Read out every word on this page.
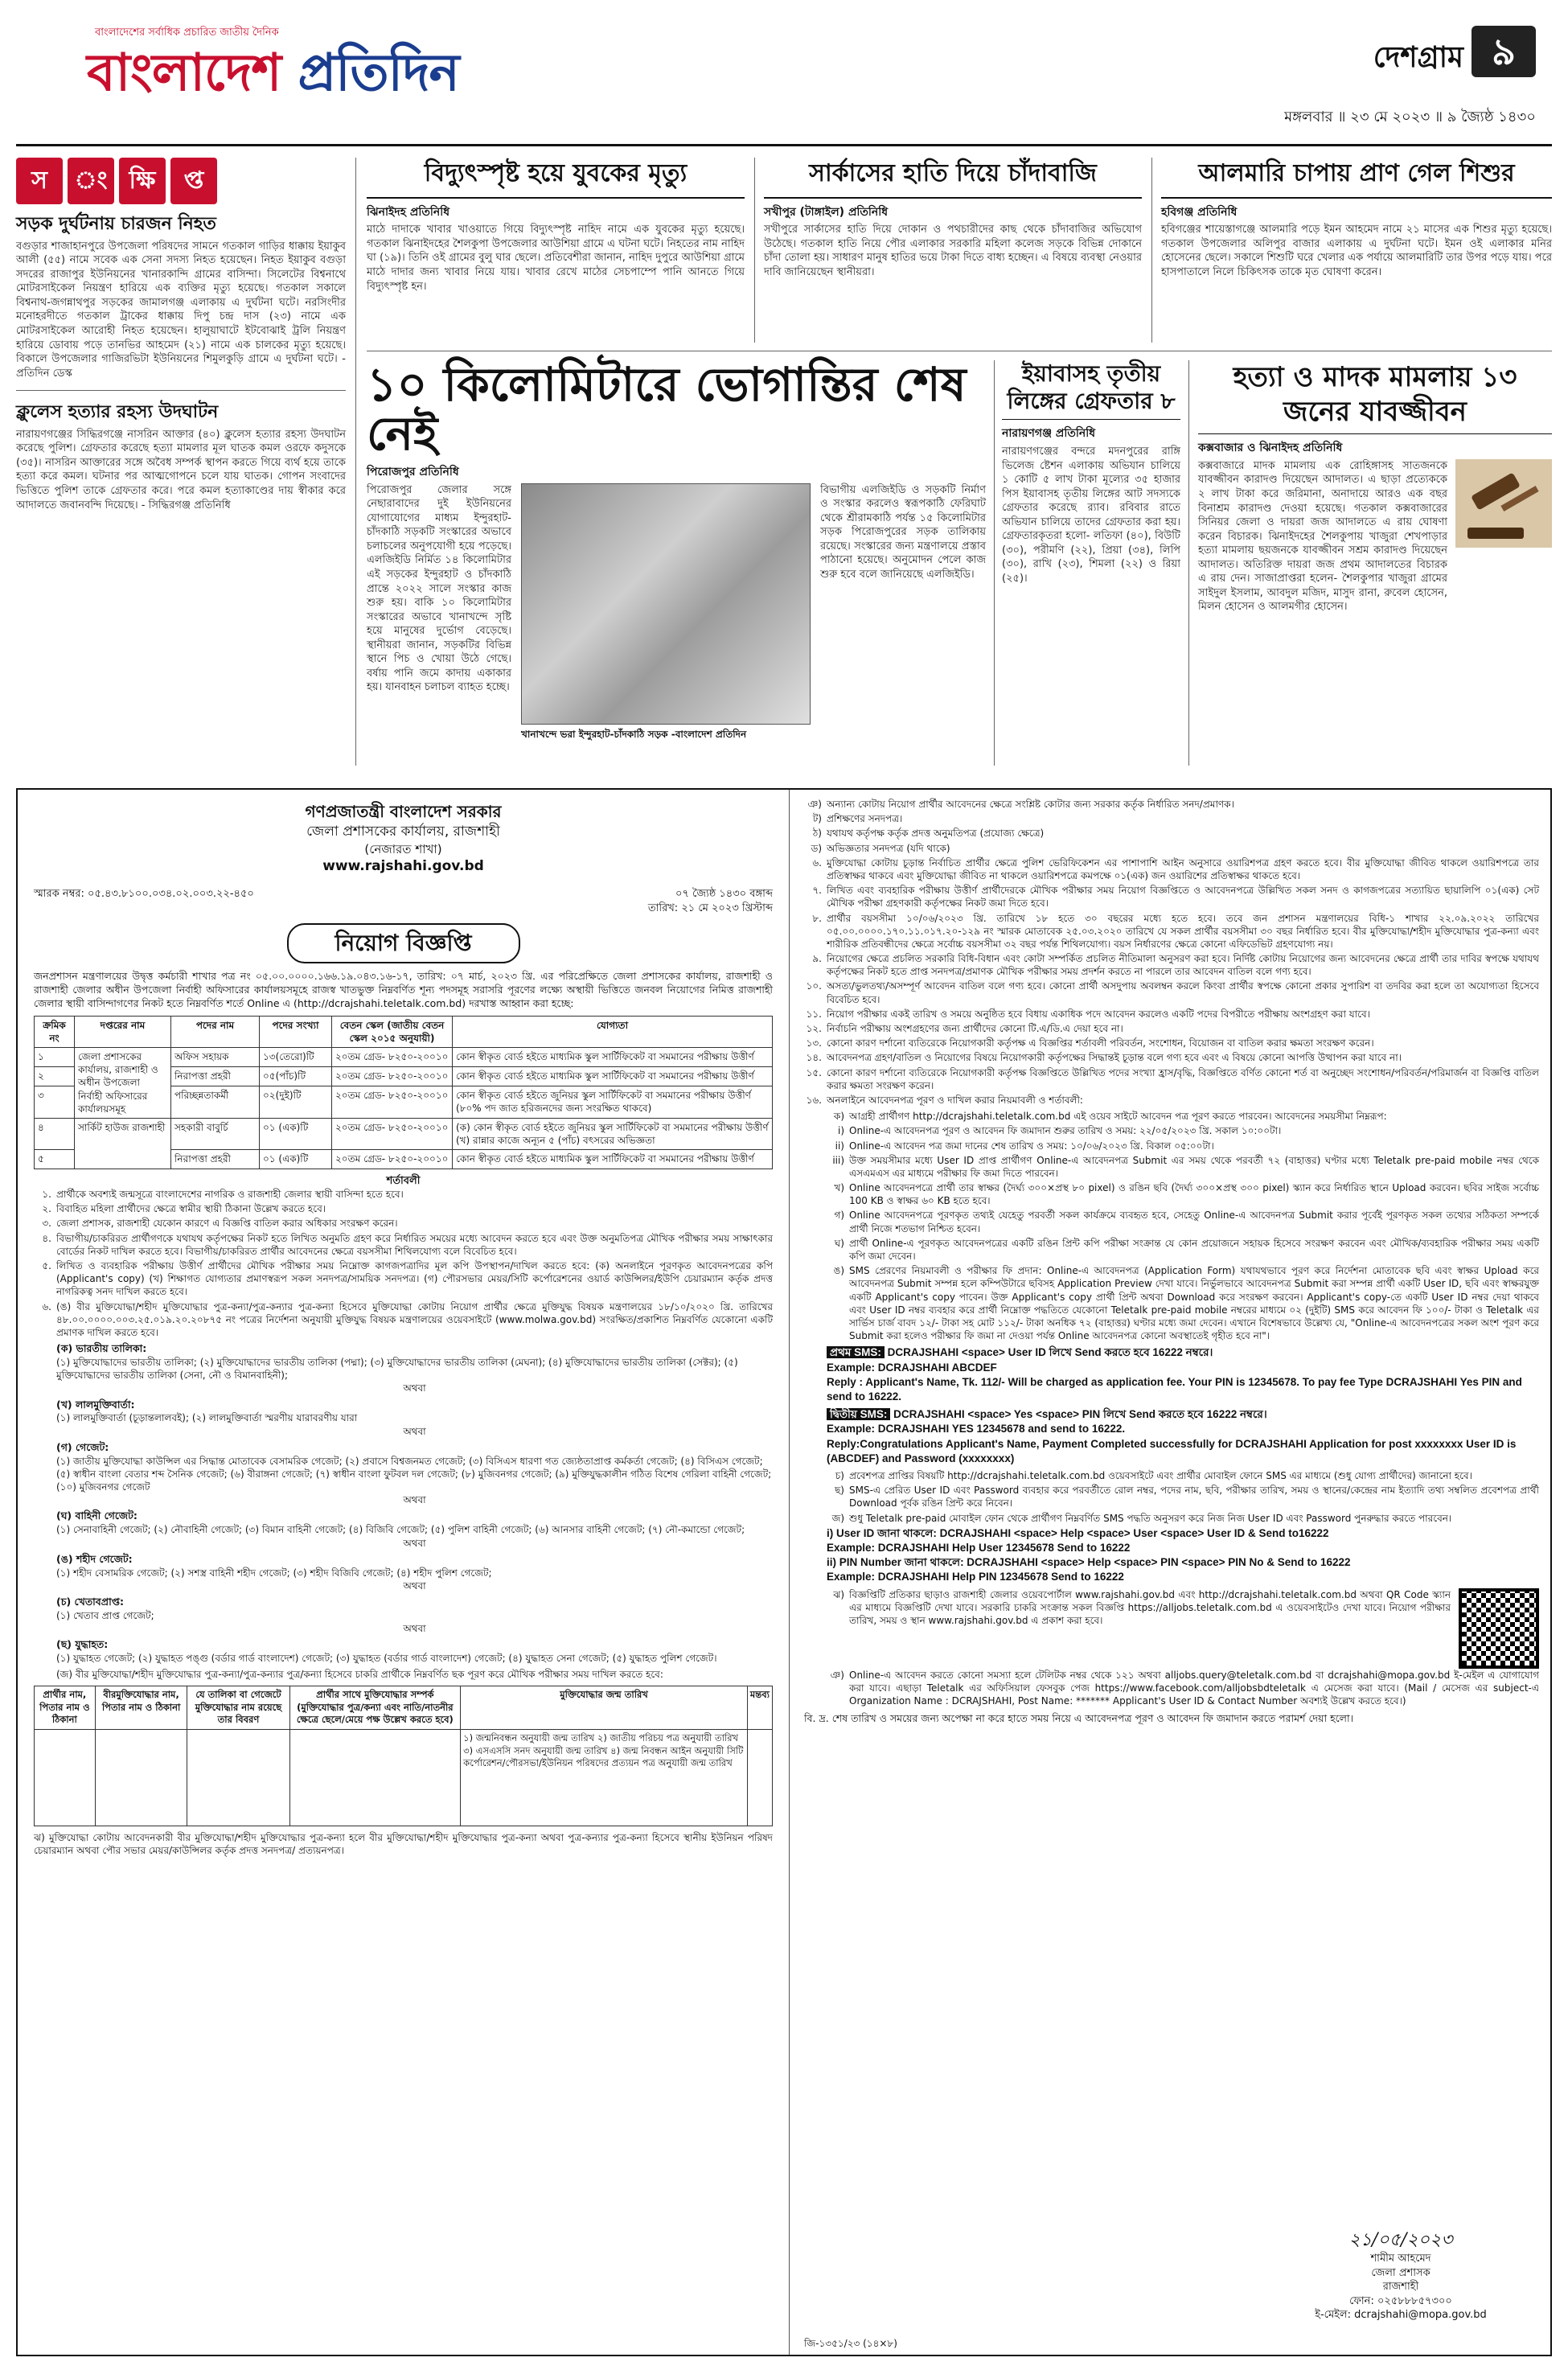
বাংলাদেশের সর্বাধিক প্রচারিত জাতীয় দৈনিক
বাংলাদেশ প্রতিদিন	দেশগ্রাম ৯
মঙ্গলবার ॥ ২৩ মে ২০২৩ ॥ ৯ জ্যৈষ্ঠ ১৪৩০
স	ং ক্ষি	প্ত
সড়ক দুর্ঘটনায় চারজন নিহত

বগুড়ার শাজাহানপুরে উপজেলা পরিষদের সামনে গতকাল গাড়ির ধাক্কায় ইয়াকুব আলী (৫৫) নামে সবেক এক সেনা সদস্য নিহত হয়েছেন। নিহত ইয়াকুব বগুড়া সদরের রাজাপুর ইউনিয়নের খানারকান্দি গ্রামের বাসিন্দা। সিলেটের বিশ্বনাথে মোটরসাইকেল নিয়ন্ত্রণ হারিয়ে এক ব্যক্তির মৃত্যু হয়েছে। গতকাল সকালে বিশ্বনাথ-জগন্নাথপুর সড়কের জামালগঞ্জ এলাকায় এ দুর্ঘটনা ঘটে। নরসিংদীর মনোহরদীতে গতকাল ট্রাকের ধাক্কায় দিপু চন্দ্র দাস (২৩) নামে এক মোটরসাইকেল আরোহী নিহত হয়েছেন। হালুয়াঘাটে ইটবোঝাই ট্রলি নিয়ন্ত্রণ হারিয়ে ডোবায় পড়ে তানভির আহমেদ (২১) নামে এক চালকের মৃত্যু হয়েছে। বিকালে উপজেলার গাজিরভিটা ইউনিয়নের শিমুলকুড়ি গ্রামে এ দুর্ঘটনা ঘটে। - প্রতিদিন ডেস্ক

ক্লুলেস হত্যার রহস্য উদঘাটন

নারায়ণগঞ্জের সিদ্ধিরগঞ্জে নাসরিন আক্তার (৪০) ক্লুলেস হত্যার রহস্য উদঘাটন করেছে পুলিশ। গ্রেফতার করেছে হত্যা মামলার মূল ঘাতক কমল ওরফে কদুসকে (৩৫)। নাসরিন আক্তারের সঙ্গে অবৈধ সম্পর্ক স্থাপন করতে গিয়ে ব্যর্থ হয়ে তাকে হত্যা করে কমল। ঘটনার পর আত্মগোপনে চলে যায় ঘাতক। গোপন সংবাদের ভিত্তিতে পুলিশ তাকে গ্রেফতার করে। পরে কমল হত্যাকাণ্ডের দায় স্বীকার করে আদালতে জবানবন্দি দিয়েছে। - সিদ্ধিরগঞ্জ প্রতিনিধি

বিদ্যুৎস্পৃষ্ট হয়ে যুবকের মৃত্যু
ঝিনাইদহ প্রতিনিধি

মাঠে দাদাকে খাবার খাওয়াতে গিয়ে বিদ্যুৎস্পৃষ্ট নাহিদ নামে এক যুবকের মৃত্যু হয়েছে। গতকাল ঝিনাইদহের শৈলকুপা উপজেলার আউশিয়া গ্রামে এ ঘটনা ঘটে। নিহতের নাম নাহিদ ঘা (১৯)। তিনি ওই গ্রামের বুলু ঘার ছেলে। প্রতিবেশীরা জানান, নাহিদ দুপুরে আউশিয়া গ্রামে মাঠে দাদার জন্য খাবার নিয়ে যায়। খাবার রেখে মাঠের সেচপাম্পে পানি আনতে গিয়ে বিদ্যুৎস্পৃষ্ট হন।

সার্কাসের হাতি দিয়ে চাঁদাবাজি
সখীপুর (টাঙ্গাইল) প্রতিনিধি

সখীপুরে সার্কাসের হাতি দিয়ে দোকান ও পথচারীদের কাছ থেকে চাঁদাবাজির অভিযোগ উঠেছে। গতকাল হাতি নিয়ে পৌর এলাকার সরকারি মহিলা কলেজ সড়কে বিভিন্ন দোকানে চাঁদা তোলা হয়। সাধারণ মানুষ হাতির ভয়ে টাকা দিতে বাধ্য হচ্ছেন। এ বিষয়ে ব্যবস্থা নেওয়ার দাবি জানিয়েছেন স্থানীয়রা।

আলমারি চাপায় প্রাণ গেল শিশুর
হবিগঞ্জ প্রতিনিধি

হবিগঞ্জের শায়েস্তাগঞ্জে আলমারি পড়ে ইমন আহমেদ নামে ২১ মাসের এক শিশুর মৃত্যু হয়েছে। গতকাল উপজেলার অলিপুর বাজার এলাকায় এ দুর্ঘটনা ঘটে। ইমন ওই এলাকার মনির হোসেনের ছেলে। সকালে শিশুটি ঘরে খেলার এক পর্যায়ে আলমারিটি তার উপর পড়ে যায়। পরে হাসপাতালে নিলে চিকিৎসক তাকে মৃত ঘোষণা করেন।

১০ কিলোমিটারে ভোগান্তির শেষ নেই
পিরোজপুর প্রতিনিধি

পিরোজপুর জেলার সঙ্গে নেছারাবাদের দুই ইউনিয়নের যোগাযোগের মাধ্যম ইন্দুরহাট-চাঁদকাঠি সড়কটি সংস্কারের অভাবে চলাচলের অনুপযোগী হয়ে পড়েছে। এলজিইডি নির্মিত ১৪ কিলোমিটার এই সড়কের ইন্দুরহাট ও চাঁদকাঠি প্রান্তে ২০২২ সালে সংস্কার কাজ শুরু হয়। বাকি ১০ কিলোমিটার সংস্কারের অভাবে খানাখন্দে সৃষ্টি হয়ে মানুষের দুর্ভোগ বেড়েছে। স্থানীয়রা জানান, সড়কটির বিভিন্ন স্থানে পিচ ও খোয়া উঠে গেছে। বর্ষায় পানি জমে কাদায় একাকার হয়। যানবাহন চলাচল ব্যাহত হচ্ছে।

খানাখন্দে ভরা ইন্দুরহাট-চাঁদকাঠি সড়ক -বাংলাদেশ প্রতিদিন

বিভাগীয় এলজিইডি ও সড়কটি নির্মাণ ও সংস্কার করলেও স্বরূপকাঠি ফেরিঘাট থেকে শ্রীরামকাঠি পর্যন্ত ১৫ কিলোমিটার সড়ক পিরোজপুরের সড়ক তালিকায় রয়েছে। সংস্কারের জন্য মন্ত্রণালয়ে প্রস্তাব পাঠানো হয়েছে। অনুমোদন পেলে কাজ শুরু হবে বলে জানিয়েছে এলজিইডি।

ইয়াবাসহ তৃতীয় লিঙ্গের গ্রেফতার ৮
নারায়ণগঞ্জ প্রতিনিধি

নারায়ণগঞ্জের বন্দরে মদনপুরের রাঙ্গি ভিলেজ ষ্টেশন এলাকায় অভিযান চালিয়ে ১ কোটি ৫ লাখ টাকা মূল্যের ৩৫ হাজার পিস ইয়াবাসহ তৃতীয় লিঙ্গের আট সদস্যকে গ্রেফতার করেছে র‍্যাব। রবিবার রাতে অভিযান চালিয়ে তাদের গ্রেফতার করা হয়। গ্রেফতারকৃতরা হলো- লতিফা (৪০), বিউটি (৩০), পরীমণি (২২), প্রিয়া (৩৪), লিপি (৩০), রাখি (২৩), শিমলা (২২) ও রিয়া (২৫)।

হত্যা ও মাদক মামলায় ১৩ জনের যাবজ্জীবন
কক্সবাজার ও ঝিনাইদহ প্রতিনিধি

কক্সবাজারে মাদক মামলায় এক রোহিঙ্গাসহ সাতজনকে যাবজ্জীবন কারাদণ্ড দিয়েছেন আদালত। এ ছাড়া প্রত্যেককে ২ লাখ টাকা করে জরিমানা, অনাদায়ে আরও এক বছর বিনাশ্রম কারাদণ্ড দেওয়া হয়েছে। গতকাল কক্সবাজারের সিনিয়র জেলা ও দায়রা জজ আদালতে এ রায় ঘোষণা করেন বিচারক। ঝিনাইদহের শৈলকুপায় খাজুরা শেখপাড়ার হত্যা মামলায় ছয়জনকে যাবজ্জীবন সশ্রম কারাদণ্ড দিয়েছেন আদালত। অতিরিক্ত দায়রা জজ প্রথম আদালতের বিচারক এ রায় দেন। সাজাপ্রাপ্তরা হলেন- শৈলকুপার খাজুরা গ্রামের সাইদুল ইসলাম, আবদুল মজিদ, মাসুদ রানা, রুবেল হোসেন, মিলন হোসেন ও আলমগীর হোসেন।

গণপ্রজাতন্ত্রী বাংলাদেশ সরকার
জেলা প্রশাসকের কার্যালয়, রাজশাহী
(নেজারত শাখা)
www.rajshahi.gov.bd
স্মারক নম্বর: ০৫.৪৩.৮১০০.০৩৪.০২.০০৩.২২-৪৫০	০৭ জ্যৈষ্ঠ ১৪৩০ বঙ্গাব্দ
তারিখ: ২১ মে ২০২৩ খ্রিস্টাব্দ
নিয়োগ বিজ্ঞপ্তি

জনপ্রশাসন মন্ত্রণালয়ের উদ্বৃত্ত কর্মচারী শাখার পত্র নং ০৫.০০.০০০০.১৬৬.১৯.০৪৩.১৬-১৭, তারিখ: ০৭ মার্চ, ২০২৩ খ্রি. এর পরিপ্রেক্ষিতে জেলা প্রশাসকের কার্যালয়, রাজশাহী ও রাজশাহী জেলার অধীন উপজেলা নির্বাহী অফিসারের কার্যালয়সমূহে রাজস্ব খাতভুক্ত নিম্নবর্ণিত শূন্য পদসমূহ সরাসরি পূরণের লক্ষ্যে অস্থায়ী ভিত্তিতে জনবল নিয়োগের নিমিত্ত রাজশাহী জেলার স্থায়ী বাসিন্দাগণের নিকট হতে নিম্নবর্ণিত শর্তে Online এ (http://dcrajshahi.teletalk.com.bd) দরখাস্ত আহ্বান করা হচ্ছে:

ক্রমিক নং	দপ্তরের নাম	পদের নাম	পদের সংখ্যা	বেতন স্কেল (জাতীয় বেতন স্কেল ২০১৫ অনুযায়ী)	যোগ্যতা
১	জেলা প্রশাসকের কার্যালয়, রাজশাহী ও অধীন উপজেলা নির্বাহী অফিসারের কার্যালয়সমূহ	অফিস সহায়ক	১৩(তেরো)টি	২০তম গ্রেড- ৮২৫০-২০০১০	কোন স্বীকৃত বোর্ড হইতে মাধ্যমিক স্কুল সার্টিফিকেট বা সমমানের পরীক্ষায় উত্তীর্ণ
২		নিরাপত্তা প্রহরী	০৫(পাঁচ)টি	২০তম গ্রেড- ৮২৫০-২০০১০	কোন স্বীকৃত বোর্ড হইতে মাধ্যমিক স্কুল সার্টিফিকেট বা সমমানের পরীক্ষায় উত্তীর্ণ
৩		পরিচ্ছন্নতাকর্মী	০২(দুই)টি	২০তম গ্রেড- ৮২৫০-২০০১০	কোন স্বীকৃত বোর্ড হইতে জুনিয়র স্কুল সার্টিফিকেট বা সমমানের পরীক্ষায় উত্তীর্ণ (৮০% পদ জাত হরিজনদের জন্য সংরক্ষিত থাকবে)
৪	সার্কিট হাউজ রাজশাহী	সহকারী বাবুর্চি	০১ (এক)টি	২০তম গ্রেড- ৮২৫০-২০০১০	(ক) কোন স্বীকৃত বোর্ড হইতে জুনিয়র স্কুল সার্টিফিকেট বা সমমানের পরীক্ষায় উত্তীর্ণ (খ) রান্নার কাজে অন্যূন ৫ (পাঁচ) বৎসরের অভিজ্ঞতা
৫		নিরাপত্তা প্রহরী	০১ (এক)টি	২০তম গ্রেড- ৮২৫০-২০০১০	কোন স্বীকৃত বোর্ড হইতে মাধ্যমিক স্কুল সার্টিফিকেট বা সমমানের পরীক্ষায় উত্তীর্ণ
শর্তাবলী
১. প্রার্থীকে অবশ্যই জন্মসূত্রে বাংলাদেশের নাগরিক ও রাজশাহী জেলার স্থায়ী বাসিন্দা হতে হবে।
২. বিবাহিত মহিলা প্রার্থীদের ক্ষেত্রে স্বামীর স্থায়ী ঠিকানা উল্লেখ করতে হবে।
৩. জেলা প্রশাসক, রাজশাহী যেকোন কারণে এ বিজ্ঞপ্তি বাতিল করার অধিকার সংরক্ষণ করেন।
৪. বিভাগীয়/চাকরিরত প্রার্থীগণকে যথাযথ কর্তৃপক্ষের নিকট হতে লিখিত অনুমতি গ্রহণ করে নির্ধারিত সময়ের মধ্যে আবেদন করতে হবে এবং উক্ত অনুমতিপত্র মৌখিক পরীক্ষার সময় সাক্ষাৎকার বোর্ডের নিকট দাখিল করতে হবে। বিভাগীয়/চাকরিরত প্রার্থীর আবেদনের ক্ষেত্রে বয়সসীমা শিথিলযোগ্য বলে বিবেচিত হবে।
৫. লিখিত ও ব্যবহারিক পরীক্ষায় উত্তীর্ণ প্রার্থীদের মৌখিক পরীক্ষার সময় নিম্নোক্ত কাগজপত্রাদির মূল কপি উপস্থাপন/দাখিল করতে হবে: (ক) অনলাইনে পূরণকৃত আবেদনপত্রের কপি (Applicant's copy) (খ) শিক্ষাগত যোগ্যতার প্রমাণস্বরূপ সকল সনদপত্র/সাময়িক সনদপত্র। (গ) পৌরসভার মেয়র/সিটি কর্পোরেশনের ওয়ার্ড কাউন্সিলর/ইউপি চেয়ারম্যান কর্তৃক প্রদত্ত নাগরিকত্ব সনদ দাখিল করতে হবে।
৬. (ঙ) বীর মুক্তিযোদ্ধা/শহীদ মুক্তিযোদ্ধার পুত্র-কন্যা/পুত্র-কন্যার পুত্র-কন্যা হিসেবে মুক্তিযোদ্ধা কোটায় নিয়োগ প্রার্থীর ক্ষেত্রে মুক্তিযুদ্ধ বিষয়ক মন্ত্রণালয়ের ১৮/১০/২০২০ খ্রি. তারিখের ৪৮.০০.০০০০.০০৩.২৫.০১৯.২০.২০৮৭৫ নং পত্রের নির্দেশনা অনুযায়ী মুক্তিযুদ্ধ বিষয়ক মন্ত্রণালয়ের ওয়েবসাইটে (www.molwa.gov.bd) সংরক্ষিত/প্রকাশিত নিম্নবর্ণিত যেকোনো একটি প্রমাণক দাখিল করতে হবে।
(ক) ভারতীয় তালিকা:

(১) মুক্তিযোদ্ধাদের ভারতীয় তালিকা; (২) মুক্তিযোদ্ধাদের ভারতীয় তালিকা (পদ্মা); (৩) মুক্তিযোদ্ধাদের ভারতীয় তালিকা (মেঘনা); (৪) মুক্তিযোদ্ধাদের ভারতীয় তালিকা (সেক্টর); (৫) মুক্তিযোদ্ধাদের ভারতীয় তালিকা (সেনা, নৌ ও বিমানবাহিনী);

অথবা
(খ) লালমুক্তিবার্তা:

(১) লালমুক্তিবার্তা (চূড়ান্তলালবই); (২) লালমুক্তিবার্তা স্মরণীয় যারাবরণীয় যারা

অথবা
(গ) গেজেট:

(১) জাতীয় মুক্তিযোদ্ধা কাউন্সিল এর সিদ্ধান্ত মোতাবেক বেসামরিক গেজেট; (২) প্রবাসে বিশ্বজনমত গেজেট; (৩) বিসিএস ধারণা গত জ্যেষ্ঠতাপ্রাপ্ত কর্মকর্তা গেজেট; (৪) বিসিএস গেজেট; (৫) স্বাধীন বাংলা বেতার শব্দ সৈনিক গেজেট; (৬) বীরাঙ্গনা গেজেট; (৭) স্বাধীন বাংলা ফুটবল দল গেজেট; (৮) মুজিবনগর গেজেট; (৯) মুক্তিযুদ্ধকালীন গঠিত বিশেষ গেরিলা বাহিনী গেজেট; (১০) মুজিবনগর গেজেট

অথবা
(ঘ) বাহিনী গেজেট:

(১) সেনাবাহিনী গেজেট; (২) নৌবাহিনী গেজেট; (৩) বিমান বাহিনী গেজেট; (৪) বিজিবি গেজেট; (৫) পুলিশ বাহিনী গেজেট; (৬) আনসার বাহিনী গেজেট; (৭) নৌ-কমান্ডো গেজেট;

অথবা
(ঙ) শহীদ গেজেট:

(১) শহীদ বেসামরিক গেজেট; (২) সশস্ত্র বাহিনী শহীদ গেজেট; (৩) শহীদ বিজিবি গেজেট; (৪) শহীদ পুলিশ গেজেট;

অথবা
(চ) খেতাবপ্রাপ্ত:

(১) খেতাব প্রাপ্ত গেজেট;

অথবা
(ছ) যুদ্ধাহত:

(১) যুদ্ধাহত গেজেট; (২) যুদ্ধাহত পঙ্গু (বর্ডার গার্ড বাংলাদেশ) গেজেট; (৩) যুদ্ধাহত (বর্ডার গার্ড বাংলাদেশ) গেজেট; (৪) যুদ্ধাহত সেনা গেজেট; (৫) যুদ্ধাহত পুলিশ গেজেট।

(জ) বীর মুক্তিযোদ্ধা/শহীদ মুক্তিযোদ্ধার পুত্র-কন্যা/পুত্র-কন্যার পুত্র/কন্যা হিসেবে চাকরি প্রার্থীকে নিম্নবর্ণিত ছক পূরণ করে মৌখিক পরীক্ষার সময় দাখিল করতে হবে:

প্রার্থীর নাম, পিতার নাম ও ঠিকানা	বীরমুক্তিযোদ্ধার নাম, পিতার নাম ও ঠিকানা	যে তালিকা বা গেজেটে মুক্তিযোদ্ধার নাম রয়েছে তার বিবরণ	প্রার্থীর সাথে মুক্তিযোদ্ধার সম্পর্ক (মুক্তিযোদ্ধার পুত্র/কন্যা এবং নাতি/নাতনীর ক্ষেত্রে ছেলে/মেয়ে পক্ষ উল্লেখ করতে হবে)	মুক্তিযোদ্ধার জন্ম তারিখ	মন্তব্য
				১) জন্মনিবন্ধন অনুযায়ী জন্ম তারিখ ২) জাতীয় পরিচয় পত্র অনুযায়ী তারিখ ৩) এসএসসি সনদ অনুযায়ী জন্ম তারিখ ৪) জন্ম নিবন্ধন আইন অনুযায়ী সিটি কর্পোরেশন/পৌরসভা/ইউনিয়ন পরিষদের প্রত্যয়ন পত্র অনুযায়ী জন্ম তারিখ	

ঝ) মুক্তিযোদ্ধা কোটায় আবেদনকারী বীর মুক্তিযোদ্ধা/শহীদ মুক্তিযোদ্ধার পুত্র-কন্যা হলে বীর মুক্তিযোদ্ধা/শহীদ মুক্তিযোদ্ধার পুত্র-কন্যা অথবা পুত্র-কন্যার পুত্র-কন্যা হিসেবে স্থানীয় ইউনিয়ন পরিষদ চেয়ারম্যান অথবা পৌর সভার মেয়র/কাউন্সিলর কর্তৃক প্রদত্ত সনদপত্র/ প্রত্যয়নপত্র।

ঞ) অন্যান্য কোটায় নিয়োগ প্রার্থীর আবেদনের ক্ষেত্রে সংশ্লিষ্ট কোটার জন্য সরকার কর্তৃক নির্ধারিত সনদ/প্রমাণক।
ট) প্রশিক্ষণের সনদপত্র।
ঠ) যথাযথ কর্তৃপক্ষ কর্তৃক প্রদত্ত অনুমতিপত্র (প্রযোজ্য ক্ষেত্রে)
ড) অভিজ্ঞতার সনদপত্র (যদি থাকে)
৬. মুক্তিযোদ্ধা কোটায় চূড়ান্ত নির্বাচিত প্রার্থীর ক্ষেত্রে পুলিশ ভেরিফিকেশন এর পাশাপাশি আইন অনুসারে ওয়ারিশপত্র গ্রহণ করতে হবে। বীর মুক্তিযোদ্ধা জীবিত থাকলে ওয়ারিশপত্রে তার প্রতিস্বাক্ষর থাকবে এবং মুক্তিযোদ্ধা জীবিত না থাকলে ওয়ারিশপত্রে কমপক্ষে ০১(এক) জন ওয়ারিশের প্রতিস্বাক্ষর থাকতে হবে।
৭. লিখিত এবং ব্যবহারিক পরীক্ষায় উত্তীর্ণ প্রার্থীদেরকে মৌখিক পরীক্ষার সময় নিয়োগ বিজ্ঞপ্তিতে ও আবেদনপত্রে উল্লিখিত সকল সনদ ও কাগজপত্রের সত্যায়িত ছায়ালিপি ০১(এক) সেট মৌখিক পরীক্ষা গ্রহণকারী কর্তৃপক্ষের নিকট জমা দিতে হবে।
৮. প্রার্থীর বয়সসীমা ১০/০৬/২০২৩ খ্রি. তারিখে ১৮ হতে ৩০ বছরের মধ্যে হতে হবে। তবে জন প্রশাসন মন্ত্রণালয়ের বিধি-১ শাখার ২২.০৯.২০২২ তারিখের ০৫.০০.০০০০.১৭০.১১.০১৭.২০-১২৯ নং স্মারক মোতাবেক ২৫.০৩.২০২০ তারিখে যে সকল প্রার্থীর বয়সসীমা ৩০ বছর নির্ধারিত হবে। বীর মুক্তিযোদ্ধা/শহীদ মুক্তিযোদ্ধার পুত্র-কন্যা এবং শারীরিক প্রতিবন্ধীদের ক্ষেত্রে সর্বোচ্চ বয়সসীমা ৩২ বছর পর্যন্ত শিথিলযোগ্য। বয়স নির্ধারণের ক্ষেত্রে কোনো এফিডেভিট গ্রহণযোগ্য নয়।
৯. নিয়োগের ক্ষেত্রে প্রচলিত সরকারি বিধি-বিধান এবং কোটা সম্পর্কিত প্রচলিত নীতিমালা অনুসরণ করা হবে। নির্দিষ্ট কোটায় নিয়োগের জন্য আবেদনের ক্ষেত্রে প্রার্থী তার দাবির স্বপক্ষে যথাযথ কর্তৃপক্ষের নিকট হতে প্রাপ্ত সনদপত্র/প্রমাণক মৌখিক পরীক্ষার সময় প্রদর্শন করতে না পারলে তার আবেদন বাতিল বলে গণ্য হবে।
১০. অসত্য/ভুলতথ্য/অসম্পূর্ণ আবেদন বাতিল বলে গণ্য হবে। কোনো প্রার্থী অসদুপায় অবলম্বন করলে কিংবা প্রার্থীর স্বপক্ষে কোনো প্রকার সুপারিশ বা তদবির করা হলে তা অযোগ্যতা হিসেবে বিবেচিত হবে।
১১. নিয়োগ পরীক্ষার একই তারিখ ও সময়ে অনুষ্ঠিত হবে বিধায় একাধিক পদে আবেদন করলেও একটি পদের বিপরীতে পরীক্ষায় অংশগ্রহণ করা যাবে।
১২. নির্বাচনি পরীক্ষায় অংশগ্রহণের জন্য প্রার্থীদের কোনো টি.এ/ডি.এ দেয়া হবে না।
১৩. কোনো কারণ দর্শানো ব্যতিরেকে নিয়োগকারী কর্তৃপক্ষ এ বিজ্ঞপ্তির শর্তাবলী পরিবর্তন, সংশোধন, বিয়োজন বা বাতিল করার ক্ষমতা সংরক্ষণ করেন।
১৪. আবেদনপত্র গ্রহণ/বাতিল ও নিয়োগের বিষয়ে নিয়োগকারী কর্তৃপক্ষের সিদ্ধান্তই চূড়ান্ত বলে গণ্য হবে এবং এ বিষয়ে কোনো আপত্তি উত্থাপন করা যাবে না।
১৫. কোনো কারণ দর্শানো ব্যতিরেকে নিয়োগকারী কর্তৃপক্ষ বিজ্ঞপ্তিতে উল্লিখিত পদের সংখ্যা হ্রাস/বৃদ্ধি, বিজ্ঞপ্তিতে বর্ণিত কোনো শর্ত বা অনুচ্ছেদ সংশোধন/পরিবর্তন/পরিমার্জন বা বিজ্ঞপ্তি বাতিল করার ক্ষমতা সংরক্ষণ করেন।
১৬. অনলাইনে আবেদনপত্র পূরণ ও দাখিল করার নিয়মাবলী ও শর্তাবলী:
ক) আগ্রহী প্রার্থীগণ http://dcrajshahi.teletalk.com.bd এই ওয়েব সাইটে আবেদন পত্র পূরণ করতে পারবেন। আবেদনের সময়সীমা নিম্নরূপ:
i) Online-এ আবেদনপত্র পূরণ ও আবেদন ফি জমাদান শুরুর তারিখ ও সময়: ২২/০৫/২০২৩ খ্রি. সকাল ১০:০০টা।
ii) Online-এ আবেদন পত্র জমা দানের শেষ তারিখ ও সময়: ১০/০৬/২০২৩ খ্রি. বিকাল ০৫:০০টা।
iii) উক্ত সময়সীমার মধ্যে User ID প্রাপ্ত প্রার্থীগণ Online-এ আবেদনপত্র Submit এর সময় থেকে পরবর্তী ৭২ (বাহাত্তর) ঘণ্টার মধ্যে Teletalk pre-paid mobile নম্বর থেকে এসএমএস এর মাধ্যমে পরীক্ষার ফি জমা দিতে পারবেন।
খ) Online আবেদনপত্রে প্রার্থী তার স্বাক্ষর (দৈর্ঘ্য ৩০০×প্রস্থ ৮০ pixel) ও রঙিন ছবি (দৈর্ঘ্য ৩০০×প্রস্থ ৩০০ pixel) স্ক্যান করে নির্ধারিত স্থানে Upload করবেন। ছবির সাইজ সর্বোচ্চ 100 KB ও স্বাক্ষর ৬০ KB হতে হবে।
গ) Online আবেদনপত্রে পূরণকৃত তথ্যই যেহেতু পরবর্তী সকল কার্যক্রমে ব্যবহৃত হবে, সেহেতু Online-এ আবেদনপত্র Submit করার পূর্বেই পূরণকৃত সকল তথ্যের সঠিকতা সম্পর্কে প্রার্থী নিজে শতভাগ নিশ্চিত হবেন।
ঘ) প্রার্থী Online-এ পূরণকৃত আবেদনপত্রের একটি রঙিন প্রিন্ট কপি পরীক্ষা সংক্রান্ত যে কোন প্রয়োজনে সহায়ক হিসেবে সংরক্ষণ করবেন এবং মৌখিক/ব্যবহারিক পরীক্ষার সময় একটি কপি জমা দেবেন।
ঙ) SMS প্রেরণের নিয়মাবলী ও পরীক্ষার ফি প্রদান: Online-এ আবেদনপত্র (Application Form) যথাযথভাবে পূরণ করে নির্দেশনা মোতাবেক ছবি এবং স্বাক্ষর Upload করে আবেদনপত্র Submit সম্পন্ন হলে কম্পিউটারে ছবিসহ Application Preview দেখা যাবে। নির্ভুলভাবে আবেদনপত্র Submit করা সম্পন্ন প্রার্থী একটি User ID, ছবি এবং স্বাক্ষরযুক্ত একটি Applicant's copy পাবেন। উক্ত Applicant's copy প্রার্থী প্রিন্ট অথবা Download করে সংরক্ষণ করবেন। Applicant's copy-তে একটি User ID নম্বর দেয়া থাকবে এবং User ID নম্বর ব্যবহার করে প্রার্থী নিম্নোক্ত পদ্ধতিতে যেকোনো Teletalk pre-paid mobile নম্বরের মাধ্যমে ০২ (দুইটি) SMS করে আবেদন ফি ১০০/- টাকা ও Teletalk এর সার্ভিস চার্জ বাবদ ১২/- টাকা সহ মোট ১১২/- টাকা অনধিক ৭২ (বাহাত্তর) ঘণ্টার মধ্যে জমা দেবেন। এখানে বিশেষভাবে উল্লেখ্য যে, "Online-এ আবেদনপত্রের সকল অংশ পূরণ করে Submit করা হলেও পরীক্ষার ফি জমা না দেওয়া পর্যন্ত Online আবেদনপত্র কোনো অবস্থাতেই গৃহীত হবে না"।
প্রথম SMS: DCRAJSHAHI <space> User ID লিখে Send করতে হবে 16222 নম্বরে।
Example: DCRAJSHAHI ABCDEF
Reply : Applicant's Name, Tk. 112/- Will be charged as application fee. Your PIN is 12345678. To pay fee Type DCRAJSHAHI Yes PIN and send to 16222.
দ্বিতীয় SMS: DCRAJSHAHI <space> Yes <space> PIN লিখে Send করতে হবে 16222 নম্বরে।
Example: DCRAJSHAHI YES 12345678 and send to 16222.
Reply:Congratulations Applicant's Name, Payment Completed successfully for DCRAJSHAHI Application for post xxxxxxxx User ID is (ABCDEF) and Password (xxxxxxxx)
চ) প্রবেশপত্র প্রাপ্তির বিষয়টি http://dcrajshahi.teletalk.com.bd ওয়েবসাইটে এবং প্রার্থীর মোবাইল ফোনে SMS এর মাধ্যমে (শুধু যোগ্য প্রার্থীদের) জানানো হবে।
ছ) SMS-এ প্রেরিত User ID এবং Password ব্যবহার করে পরবর্তীতে রোল নম্বর, পদের নাম, ছবি, পরীক্ষার তারিখ, সময় ও স্থানের/কেন্দ্রের নাম ইত্যাদি তথ্য সম্বলিত প্রবেশপত্র প্রার্থী Download পূর্বক রঙিন প্রিন্ট করে নিবেন।
জ) শুধু Teletalk pre-paid মোবাইল ফোন থেকে প্রার্থীগণ নিম্নবর্ণিত SMS পদ্ধতি অনুসরণ করে নিজ নিজ User ID এবং Password পুনরুদ্ধার করতে পারবেন।
i) User ID জানা থাকলে: DCRAJSHAHI <space> Help <space> User <space> User ID & Send to16222
Example: DCRAJSHAHI Help User 12345678 Send to 16222
ii) PIN Number জানা থাকলে: DCRAJSHAHI <space> Help <space> PIN <space> PIN No & Send to 16222
Example: DCRAJSHAHI Help PIN 12345678 Send to 16222
ঝ) বিজ্ঞপ্তিটি প্রতিকার ছাড়াও রাজশাহী জেলার ওয়েবপোর্টাল www.rajshahi.gov.bd এবং http://dcrajshahi.teletalk.com.bd অথবা QR Code স্ক্যান এর মাধ্যমে বিজ্ঞপ্তিটি দেখা যাবে। সরকারি চাকরি সংক্রান্ত সকল বিজ্ঞপ্তি https://alljobs.teletalk.com.bd এ ওয়েবসাইটেও দেখা যাবে। নিয়োগ পরীক্ষার তারিখ, সময় ও স্থান www.rajshahi.gov.bd এ প্রকাশ করা হবে।
ঞ) Online-এ আবেদন করতে কোনো সমস্যা হলে টেলিটক নম্বর থেকে ১২১ অথবা alljobs.query@teletalk.com.bd বা dcrajshahi@mopa.gov.bd ই-মেইল এ যোগাযোগ করা যাবে। এছাড়া Teletalk এর অফিসিয়াল ফেসবুক পেজ https://www.facebook.com/alljobsbdteletalk এ মেসেজ করা যাবে। (Mail / মেসেজ এর subject-এ Organization Name : DCRAJSHAHI, Post Name: ******* Applicant's User ID & Contact Number অবশ্যই উল্লেখ করতে হবে।)

বি. দ্র. শেষ তারিখ ও সময়ের জন্য অপেক্ষা না করে হাতে সময় নিয়ে এ আবেদনপত্র পূরণ ও আবেদন ফি জমাদান করতে পরামর্শ দেয়া হলো।

২১/০৫/২০২৩
শামীম আহমেদ
জেলা প্রশাসক
রাজশাহী
ফোন: ০২৫৮৮৮৫৭৩০০
ই-মেইল: dcrajshahi@mopa.gov.bd
জি-১৩৫১/২৩ (১৪×৮)
